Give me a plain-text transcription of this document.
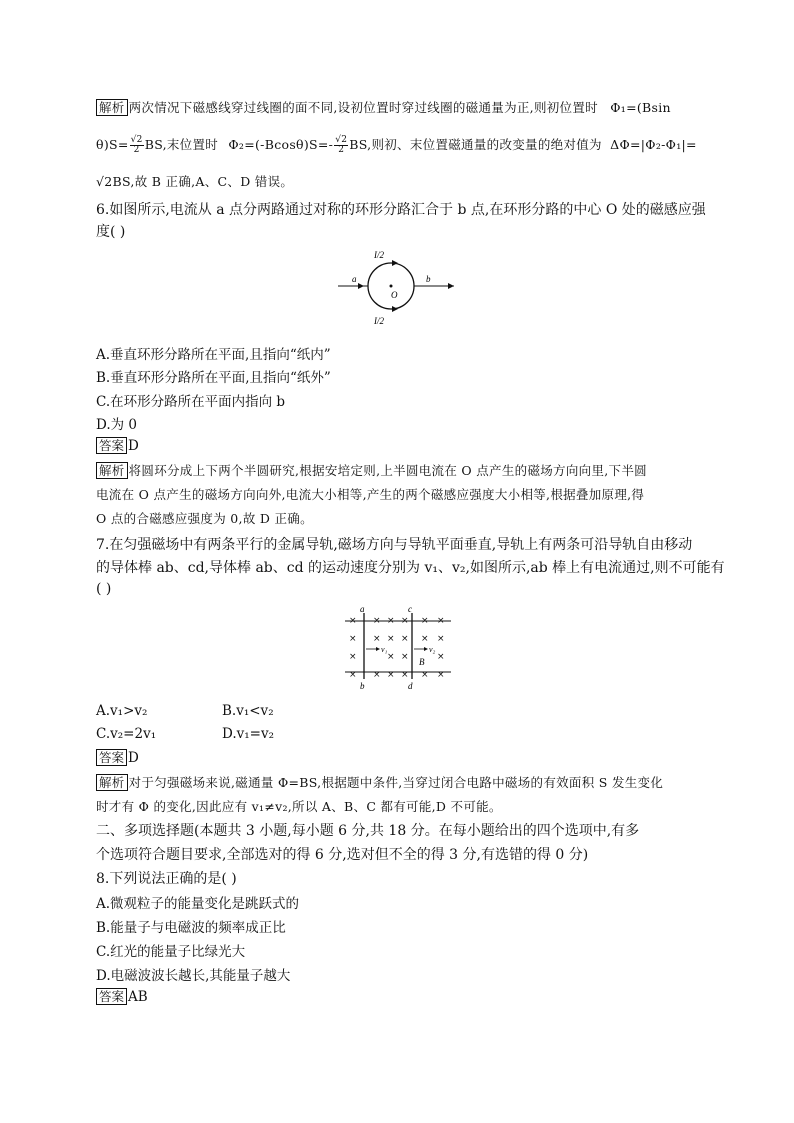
解析 两次情况下磁感线穿过线圈的面不同,设初位置时穿过线圈的磁通量为正,则初位置时 Φ₁=(Bsin
$\theta)S= \frac{√2}{2}$ BS,末位置时 $\Phi_2=(-Bcos\theta)S=- \frac{√2}{2}$ BS,则初、末位置磁通量的改变量的绝对值为 ΔΦ=|Φ₂-Φ₁|=
√2BS,故 B 正确,A、C、D 错误。
6.如图所示,电流从 a 点分两路通过对称的环形分路汇合于 b 点,在环形分路的中心 O 处的磁感应强
度( )
I/2
I/2
a	b
O
A.垂直环形分路所在平面,且指向“纸内”
B.垂直环形分路所在平面,且指向“纸外”
C.在环形分路所在平面内指向 b
D.为 0
答案 D
解析 将圆环分成上下两个半圆研究,根据安培定则,上半圆电流在 O 点产生的磁场方向向里,下半圆
电流在 O 点产生的磁场方向向外,电流大小相等,产生的两个磁感应强度大小相等,根据叠加原理,得
O 点的合磁感应强度为 0,故 D 正确。
7.在匀强磁场中有两条平行的金属导轨,磁场方向与导轨平面垂直,导轨上有两条可沿导轨自由移动
的导体棒 ab、cd,导体棒 ab、cd 的运动速度分别为 v₁、v₂,如图所示,ab 棒上有电流通过,则不可能有
( )
× × × × × ×
× × × × × ×
×	× ×	×
× × × × × ×
v₁	v₂
B
a
b
c
d
A.v₁>v₂	B.v₁<v₂
C.v₂=2v₁	D.v₁=v₂
答案 D
解析 对于匀强磁场来说,磁通量 Φ=BS,根据题中条件,当穿过闭合电路中磁场的有效面积 S 发生变化
时才有 Φ 的变化,因此应有 v₁≠v₂,所以 A、B、C 都有可能,D 不可能。
二、多项选择题(本题共 3 小题,每小题 6 分,共 18 分。在每小题给出的四个选项中,有多
个选项符合题目要求,全部选对的得 6 分,选对但不全的得 3 分,有选错的得 0 分)
8.下列说法正确的是( )
A.微观粒子的能量变化是跳跃式的
B.能量子与电磁波的频率成正比
C.红光的能量子比绿光大
D.电磁波波长越长,其能量子越大
答案 AB
